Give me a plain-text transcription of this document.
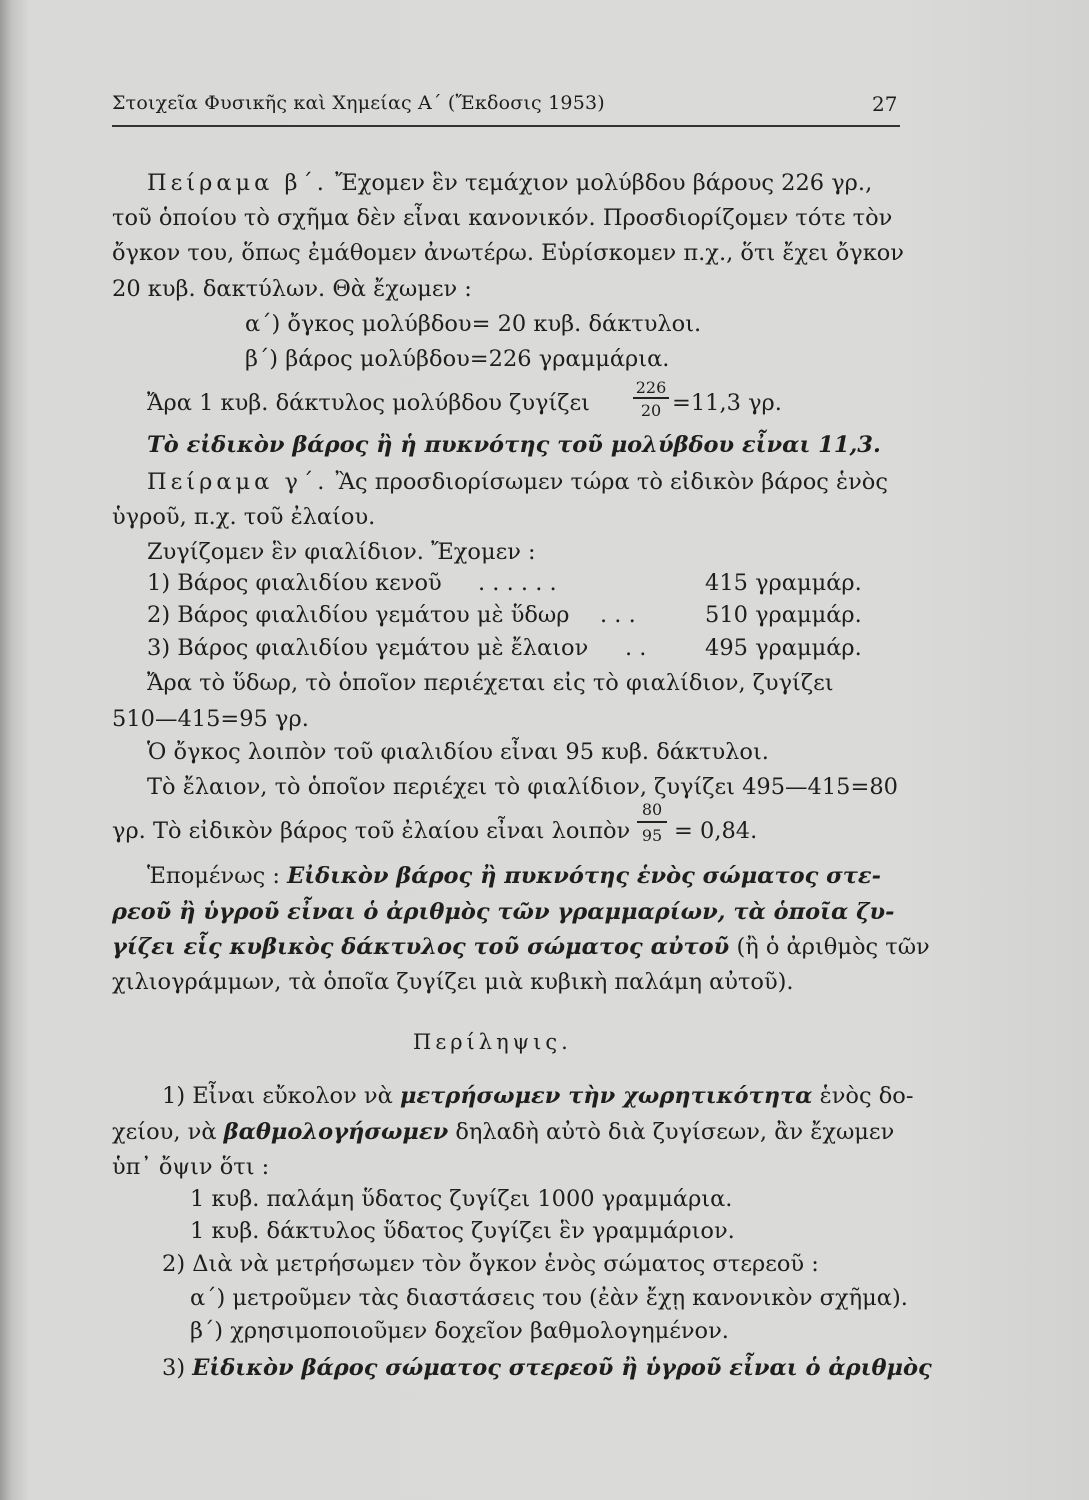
Στοιχεῖα Φυσικῆς καὶ Χημείας Α΄ (Ἔκδοσις 1953)	27
Πείραμα β΄. Ἔχομεν ἓν τεμάχιον μολύβδου βάρους 226 γρ.,
τοῦ ὁποίου τὸ σχῆμα δὲν εἶναι κανονικόν. Προσδιορίζομεν τότε τὸν
ὄγκον του, ὅπως ἐμάθομεν ἀνωτέρω. Εὑρίσκομεν π.χ., ὅτι ἔχει ὄγκον
20 κυβ. δακτύλων. Θὰ ἔχωμεν :
α΄) ὄγκος μολύβδου= 20 κυβ. δάκτυλοι.
β΄) βάρος μολύβδου=226 γραμμάρια.
Ἄρα 1 κυβ. δάκτυλος μολύβδου ζυγίζει
226
20 =11,3 γρ.
Τὸ εἰδικὸν βάρος ἢ ἡ πυκνότης τοῦ μολύβδου εἶναι 11,3.
Πείραμα γ΄. Ἂς προσδιορίσωμεν τώρα τὸ εἰδικὸν βάρος ἑνὸς
ὑγροῦ, π.χ. τοῦ ἐλαίου.
Ζυγίζομεν ἓν φιαλίδιον. Ἔχομεν :
1) Βάρος φιαλιδίου κενοῦ . . . . . .	415 γραμμάρ.
2) Βάρος φιαλιδίου γεμάτου μὲ ὕδωρ . . .	510 γραμμάρ.
3) Βάρος φιαλιδίου γεμάτου μὲ ἔλαιον . .	495 γραμμάρ.
Ἄρα τὸ ὕδωρ, τὸ ὁποῖον περιέχεται εἰς τὸ φιαλίδιον, ζυγίζει
510—415=95 γρ.
Ὁ ὄγκος λοιπὸν τοῦ φιαλιδίου εἶναι 95 κυβ. δάκτυλοι.
Τὸ ἔλαιον, τὸ ὁποῖον περιέχει τὸ φιαλίδιον, ζυγίζει 495—415=80
γρ. Τὸ εἰδικὸν βάρος τοῦ ἐλαίου εἶναι λοιπὸν
80
95 = 0,84.
Ἑπομένως : Εἰδικὸν βάρος ἢ πυκνότης ἑνὸς σώματος στε-
ρεοῦ ἢ ὑγροῦ εἶναι ὁ ἀριθμὸς τῶν γραμμαρίων, τὰ ὁποῖα ζυ-
γίζει εἷς κυβικὸς δάκτυλος τοῦ σώματος αὐτοῦ (ἢ ὁ ἀριθμὸς τῶν
χιλιογράμμων, τὰ ὁποῖα ζυγίζει μιὰ κυβικὴ παλάμη αὐτοῦ).
Περίληψις.
1) Εἶναι εὔκολον νὰ μετρήσωμεν τὴν χωρητικότητα ἑνὸς δο-
χείου, νὰ βαθμολογήσωμεν δηλαδὴ αὐτὸ διὰ ζυγίσεων, ἂν ἔχωμεν
ὑπ᾿ ὄψιν ὅτι :
1 κυβ. παλάμη ὕδατος ζυγίζει 1000 γραμμάρια.
1 κυβ. δάκτυλος ὕδατος ζυγίζει ἓν γραμμάριον.
2) Διὰ νὰ μετρήσωμεν τὸν ὄγκον ἑνὸς σώματος στερεοῦ :
α΄) μετροῦμεν τὰς διαστάσεις του (ἐὰν ἔχῃ κανονικὸν σχῆμα).
β΄) χρησιμοποιοῦμεν δοχεῖον βαθμολογημένον.
3) Εἰδικὸν βάρος σώματος στερεοῦ ἢ ὑγροῦ εἶναι ὁ ἀριθμὸς
